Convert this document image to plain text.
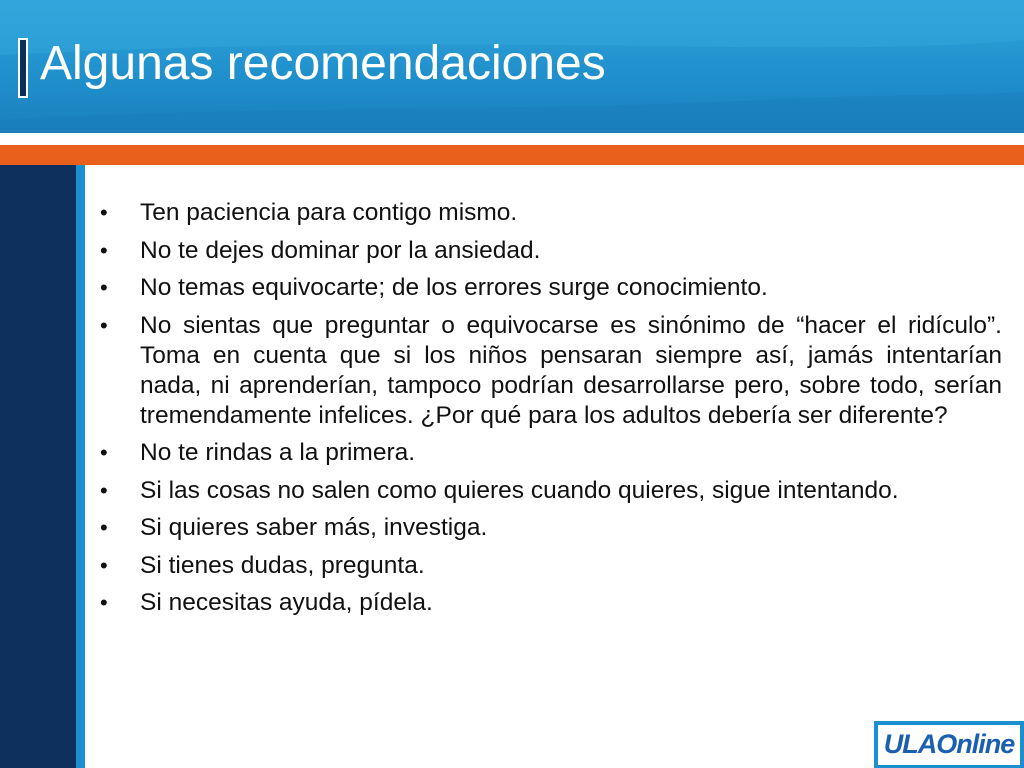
Algunas recomendaciones
• Ten paciencia para contigo mismo.
• No te dejes dominar por la ansiedad.
• No temas equivocarte; de los errores surge conocimiento.
• No sientas que preguntar o equivocarse es sinónimo de “hacer el ridículo”. Toma en cuenta que si los niños pensaran siempre así, jamás intentarían nada, ni aprenderían, tampoco podrían desarrollarse pero, sobre todo, serían tremendamente infelices. ¿Por qué para los adultos debería ser diferente?
• No te rindas a la primera.
• Si las cosas no salen como quieres cuando quieres, sigue intentando.
• Si quieres saber más, investiga.
• Si tienes dudas, pregunta.
• Si necesitas ayuda, pídela.
ULAOnline
